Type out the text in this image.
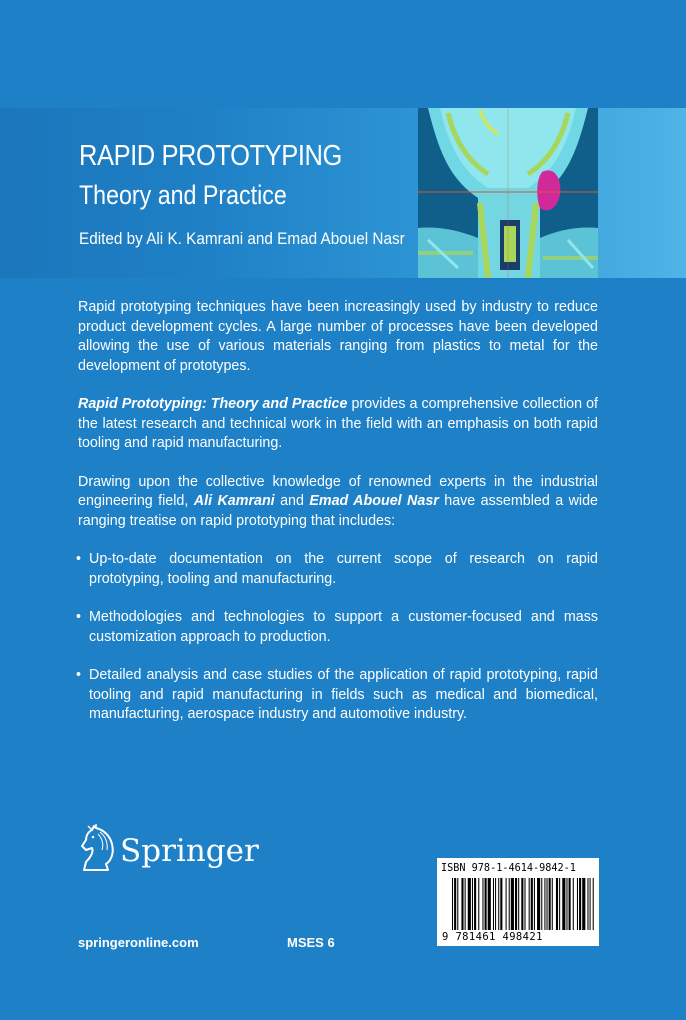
RAPID PROTOTYPING
Theory and Practice
Edited by Ali K. Kamrani and Emad Abouel Nasr

Rapid prototyping techniques have been increasingly used by industry to reduce product development cycles. A large number of processes have been developed allowing the use of various materials ranging from plastics to metal for the development of prototypes.

Rapid Prototyping: Theory and Practice provides a comprehensive collection of the latest research and technical work in the field with an emphasis on both rapid tooling and rapid manufacturing.

Drawing upon the collective knowledge of renowned experts in the industrial engineering field, Ali Kamrani and Emad Abouel Nasr have assembled a wide ranging treatise on rapid prototyping that includes:

• Up-to-date documentation on the current scope of research on rapid prototyping, tooling and manufacturing.
• Methodologies and technologies to support a customer-focused and mass customization approach to production.
• Detailed analysis and case studies of the application of rapid prototyping, rapid tooling and rapid manufacturing in fields such as medical and biomedical, manufacturing, aerospace industry and automotive industry.
Springer	ISBN 978-1-4614-9842-1
9 781461 498421
springeronline.com	MSES 6
